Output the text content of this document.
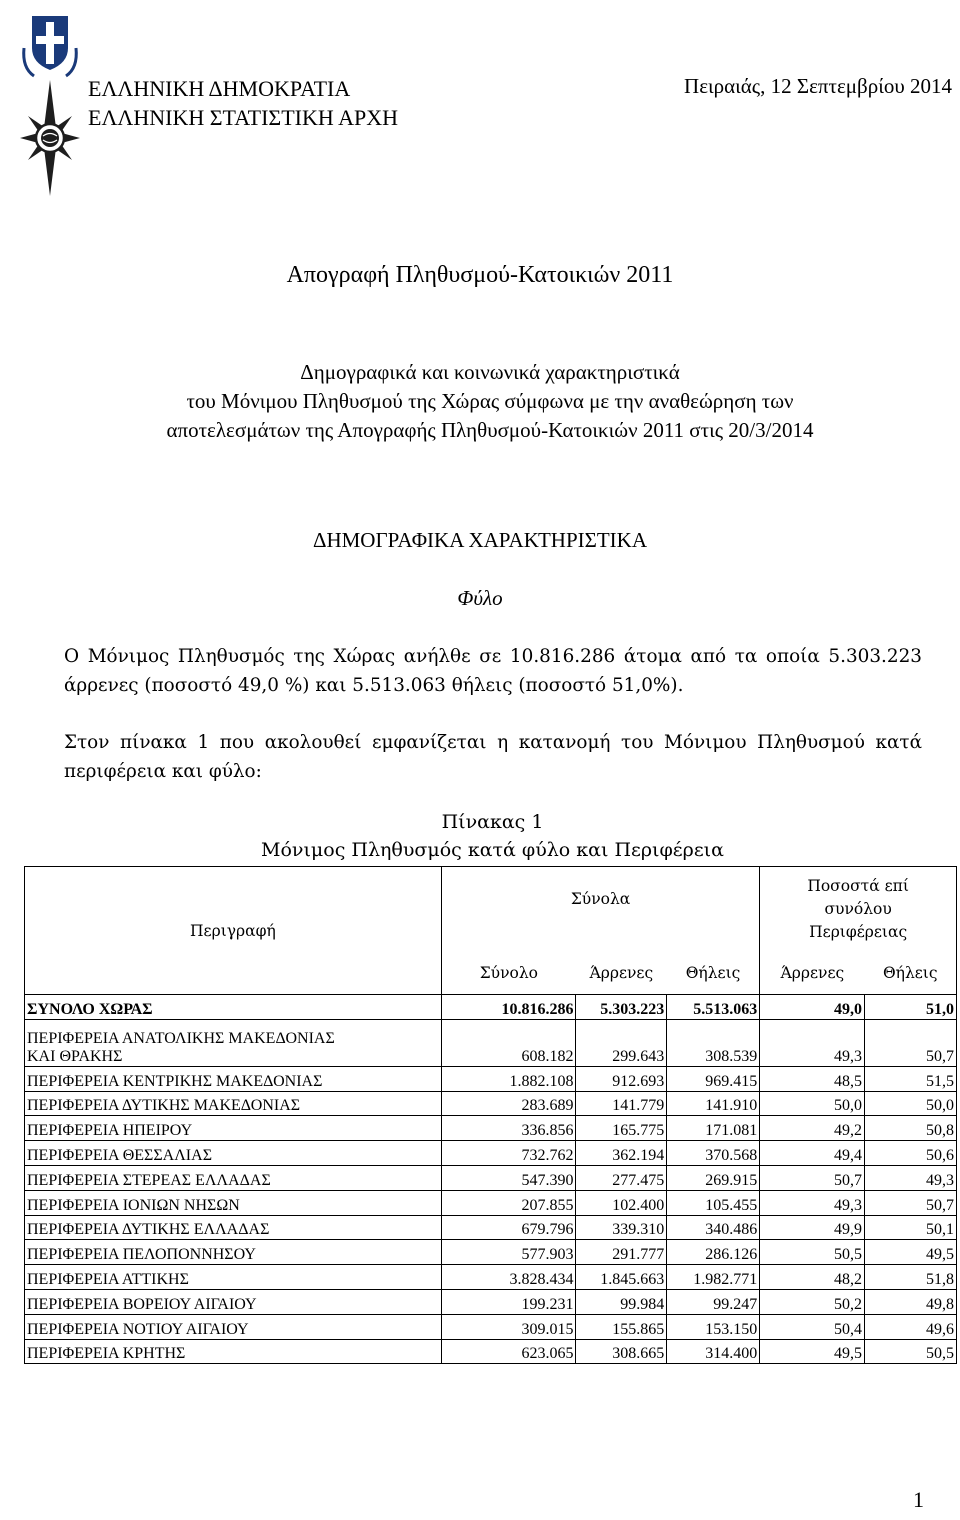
ΕΛΛΗΝΙΚΗ ΔΗΜΟΚΡΑΤΙΑ
ΕΛΛΗΝΙΚΗ ΣΤΑΤΙΣΤΙΚΗ ΑΡΧΗ
Πειραιάς, 12 Σεπτεμβρίου 2014
Απογραφή Πληθυσμού-Κατοικιών 2011
Δημογραφικά και κοινωνικά χαρακτηριστικά
του Μόνιμου Πληθυσμού της Χώρας σύμφωνα με την αναθεώρηση των
αποτελεσμάτων της Απογραφής Πληθυσμού-Κατοικιών 2011 στις 20/3/2014
ΔΗΜΟΓΡΑΦΙΚΑ ΧΑΡΑΚΤΗΡΙΣΤΙΚΑ
Φύλο
Ο Μόνιμος Πληθυσμός της Χώρας ανήλθε σε 10.816.286 άτομα από τα οποία 5.303.223 άρρενες (ποσοστό 49,0 %) και 5.513.063 θήλεις (ποσοστό 51,0%).
Στον πίνακα 1 που ακολουθεί εμφανίζεται η κατανομή του Μόνιμου Πληθυσμού κατά περιφέρεια και φύλο:
Πίνακας 1
Μόνιμος Πληθυσμός κατά φύλο και Περιφέρεια
Περιγραφή	Σύνολα			Ποσοστά επί
συνόλου
Περιφέρειας	

	Σύνολο	Άρρενες	Θήλεις	Άρρενες	Θήλεις
ΣΥΝΟΛΟ ΧΩΡΑΣ	10.816.286	5.303.223	5.513.063	49,0	51,0

ΠΕΡΙΦΕΡΕΙΑ ΑΝΑΤΟΛΙΚΗΣ ΜΑΚΕΔΟΝΙΑΣ
ΚΑΙ ΘΡΑΚΗΣ	608.182	299.643	308.539	49,3	50,7
ΠΕΡΙΦΕΡΕΙΑ ΚΕΝΤΡΙΚΗΣ ΜΑΚΕΔΟΝΙΑΣ	1.882.108	912.693	969.415	48,5	51,5
ΠΕΡΙΦΕΡΕΙΑ ΔΥΤΙΚΗΣ ΜΑΚΕΔΟΝΙΑΣ	283.689	141.779	141.910	50,0	50,0
ΠΕΡΙΦΕΡΕΙΑ ΗΠΕΙΡΟΥ	336.856	165.775	171.081	49,2	50,8
ΠΕΡΙΦΕΡΕΙΑ ΘΕΣΣΑΛΙΑΣ	732.762	362.194	370.568	49,4	50,6
ΠΕΡΙΦΕΡΕΙΑ ΣΤΕΡΕΑΣ ΕΛΛΑΔΑΣ	547.390	277.475	269.915	50,7	49,3
ΠΕΡΙΦΕΡΕΙΑ ΙΟΝΙΩΝ ΝΗΣΩΝ	207.855	102.400	105.455	49,3	50,7
ΠΕΡΙΦΕΡΕΙΑ ΔΥΤΙΚΗΣ ΕΛΛΑΔΑΣ	679.796	339.310	340.486	49,9	50,1
ΠΕΡΙΦΕΡΕΙΑ ΠΕΛΟΠΟΝΝΗΣΟΥ	577.903	291.777	286.126	50,5	49,5
ΠΕΡΙΦΕΡΕΙΑ ΑΤΤΙΚΗΣ	3.828.434	1.845.663	1.982.771	48,2	51,8
ΠΕΡΙΦΕΡΕΙΑ ΒΟΡΕΙΟΥ ΑΙΓΑΙΟΥ	199.231	99.984	99.247	50,2	49,8
ΠΕΡΙΦΕΡΕΙΑ ΝΟΤΙΟΥ ΑΙΓΑΙΟΥ	309.015	155.865	153.150	50,4	49,6
ΠΕΡΙΦΕΡΕΙΑ ΚΡΗΤΗΣ	623.065	308.665	314.400	49,5	50,5
1
